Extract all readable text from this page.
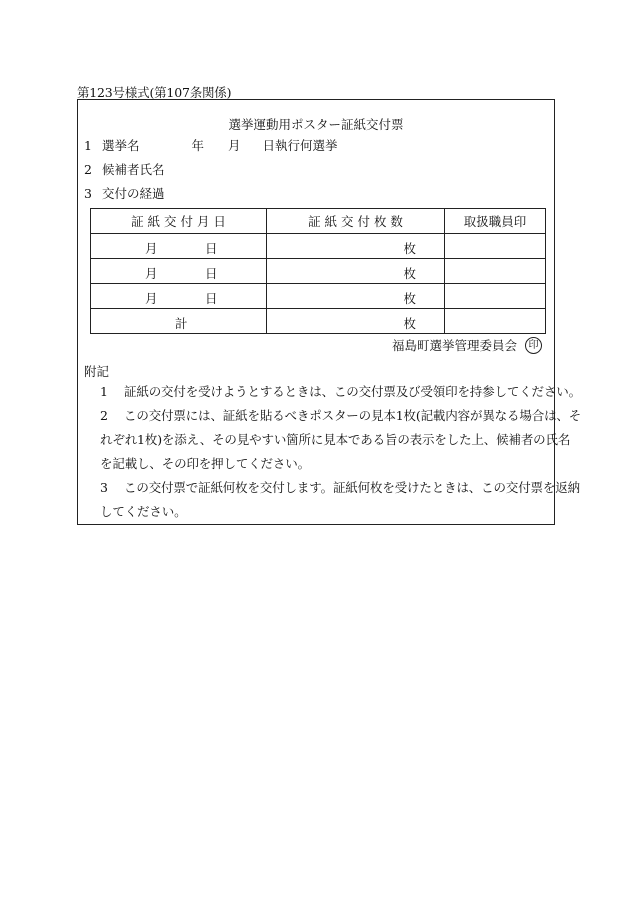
第123号様式(第107条関係)
選挙運動用ポスター証紙交付票
1 選挙名	年 月 日執行何選挙
2 候補者氏名
3 交付の経過
証 紙 交 付 月 日	証 紙 交 付 枚 数	取扱職員印

月 日	枚	

月 日	枚	

月 日	枚	

計	枚	

福島町選挙管理委員会	印
附記
1 証紙の交付を受けようとするときは、この交付票及び受領印を持参してください。
2 この交付票には、証紙を貼るべきポスターの見本1枚(記載内容が異なる場合は、そ
れぞれ1枚)を添え、その見やすい箇所に見本である旨の表示をした上、候補者の氏名
を記載し、その印を押してください。
3 この交付票で証紙何枚を交付します。証紙何枚を受けたときは、この交付票を返納
してください。
